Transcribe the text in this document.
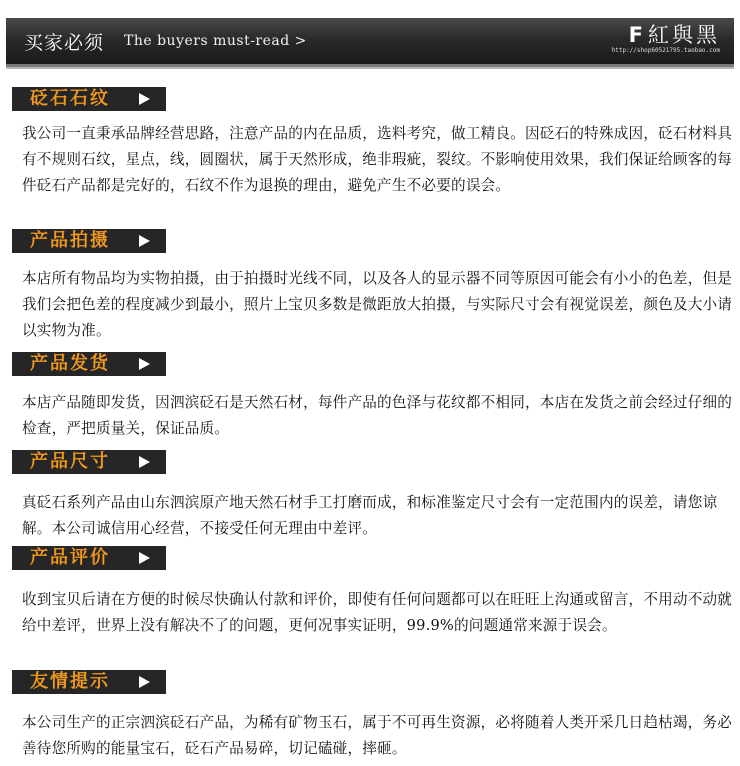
买家必须 The buyers must-read >	F紅與黑
http://shop60521795.taobao.com
砭石石纹
我公司一直秉承品牌经营思路，注意产品的内在品质，选料考究，做工精良。因砭石的特殊成因，砭石材料具有不规则石纹，星点，线，圆圈状，属于天然形成，绝非瑕疵，裂纹。不影响使用效果，我们保证给顾客的每件砭石产品都是完好的，石纹不作为退换的理由，避免产生不必要的误会。
产品拍摄
本店所有物品均为实物拍摄，由于拍摄时光线不同，以及各人的显示器不同等原因可能会有小小的色差，但是我们会把色差的程度减少到最小，照片上宝贝多数是微距放大拍摄，与实际尺寸会有视觉误差，颜色及大小请以实物为准。
产品发货
本店产品随即发货，因泗滨砭石是天然石材，每件产品的色泽与花纹都不相同，本店在发货之前会经过仔细的检查，严把质量关，保证品质。
产品尺寸
真砭石系列产品由山东泗滨原产地天然石材手工打磨而成，和标准鉴定尺寸会有一定范围内的误差，请您谅解。本公司诚信用心经营，不接受任何无理由中差评。
产品评价
收到宝贝后请在方便的时候尽快确认付款和评价，即使有任何问题都可以在旺旺上沟通或留言，不用动不动就给中差评，世界上没有解决不了的问题，更何况事实证明，99.9%的问题通常来源于误会。
友情提示
本公司生产的正宗泗滨砭石产品，为稀有矿物玉石，属于不可再生资源，必将随着人类开采几日趋枯竭，务必善待您所购的能量宝石，砭石产品易碎，切记磕碰，摔砸。
